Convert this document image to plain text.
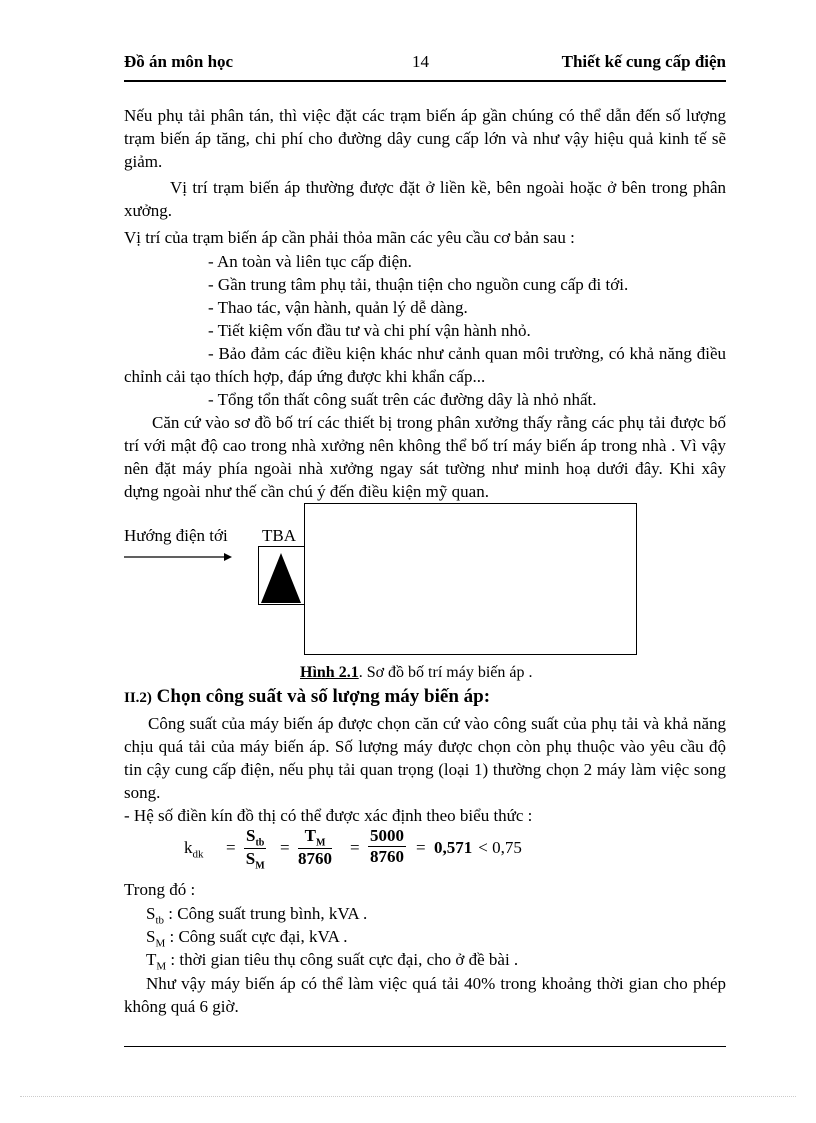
Đồ án môn học	14	Thiết kế cung cấp điện
Nếu phụ tải phân tán, thì việc đặt các trạm biến áp gần chúng có thể dẫn đến số lượng trạm biến áp tăng, chi phí cho đường dây cung cấp lớn và như vậy hiệu quả kinh tế sẽ giảm.
Vị trí trạm biến áp thường được đặt ở liền kề, bên ngoài hoặc ở bên trong phân xưởng.
Vị trí của trạm biến áp cần phải thỏa mãn các yêu cầu cơ bản sau :
- An toàn và liên tục cấp điện.
- Gần trung tâm phụ tải, thuận tiện cho nguồn cung cấp đi tới.
- Thao tác, vận hành, quản lý dễ dàng.
- Tiết kiệm vốn đầu tư và chi phí vận hành nhỏ.
- Bảo đảm các điều kiện khác như cảnh quan môi trường, có khả năng điều chỉnh cải tạo thích hợp, đáp ứng được khi khẩn cấp...
- Tổng tổn thất công suất trên các đường dây là nhỏ nhất.
Căn cứ vào sơ đồ bố trí các thiết bị trong phân xưởng thấy rằng các phụ tải được bố trí với mật độ cao trong nhà xưởng nên không thể bố trí máy biến áp trong nhà . Vì vậy nên đặt máy phía ngoài nhà xưởng ngay sát tường như minh hoạ dưới đây. Khi xây dựng ngoài như thế cần chú ý đến điều kiện mỹ quan.
Hướng điện tới TBA
Hình 2.1. Sơ đồ bố trí máy biến áp .
II.2) Chọn công suất và số lượng máy biến áp:
Công suất của máy biến áp được chọn căn cứ vào công suất của phụ tải và khả năng chịu quá tải của máy biến áp. Số lượng máy được chọn còn phụ thuộc vào yêu cầu độ tin cậy cung cấp điện, nếu phụ tải quan trọng (loại 1) thường chọn 2 máy làm việc song song.
- Hệ số điền kín đồ thị có thể được xác định theo biểu thức :
$k_{dk}$ =
$S_{tb}$
$S_M$
= $\frac{T_M}{8760} = \frac{5000}{8760} = 0,571 < 0,75$
Trong đó :
$S_{tb}$ : Công suất trung bình, kVA .
$S_M$ : Công suất cực đại, kVA .
$T_M$ : thời gian tiêu thụ công suất cực đại, cho ở đề bài .
Như vậy máy biến áp có thể làm việc quá tải 40% trong khoảng thời gian cho phép không quá 6 giờ.
